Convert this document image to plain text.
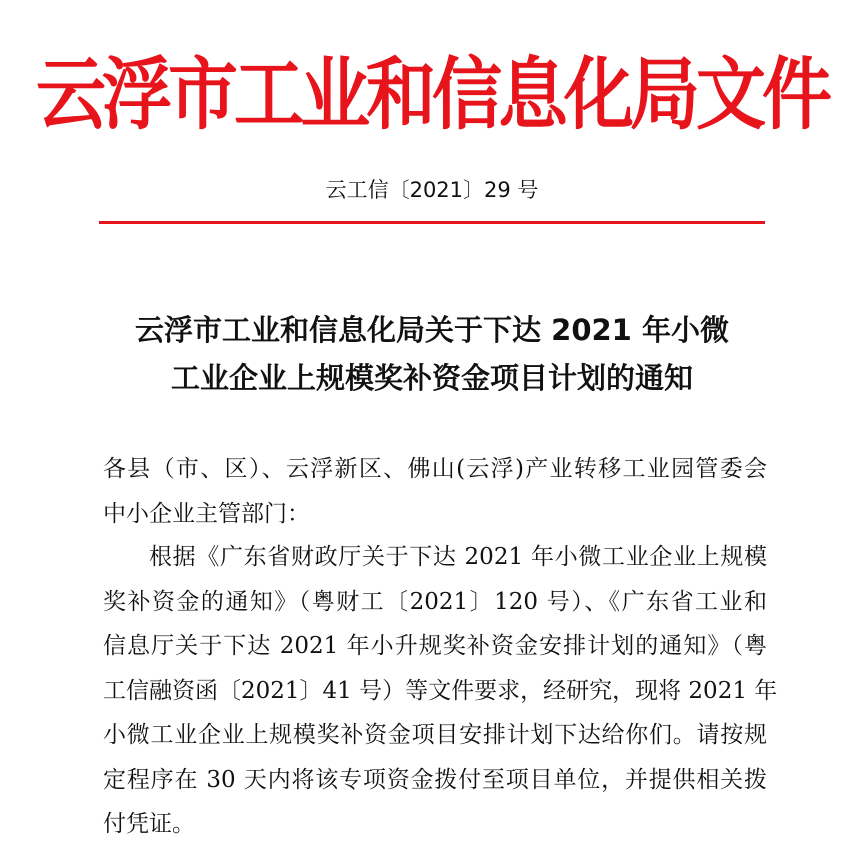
云浮市工业和信息化局文件
云工信〔2021〕29 号
云浮市工业和信息化局关于下达 2021 年小微
工业企业上规模奖补资金项目计划的通知
各县（市、区）、云浮新区、佛山(云浮)产业转移工业园管委会
中小企业主管部门：
根据《广东省财政厅关于下达 2021 年小微工业企业上规模
奖补资金的通知》（粤财工〔2021〕120 号）、《广东省工业和
信息厅关于下达 2021 年小升规奖补资金安排计划的通知》（粤
工信融资函〔2021〕41 号）等文件要求，经研究，现将 2021 年
小微工业企业上规模奖补资金项目安排计划下达给你们。请按规
定程序在 30 天内将该专项资金拨付至项目单位，并提供相关拨
付凭证。
